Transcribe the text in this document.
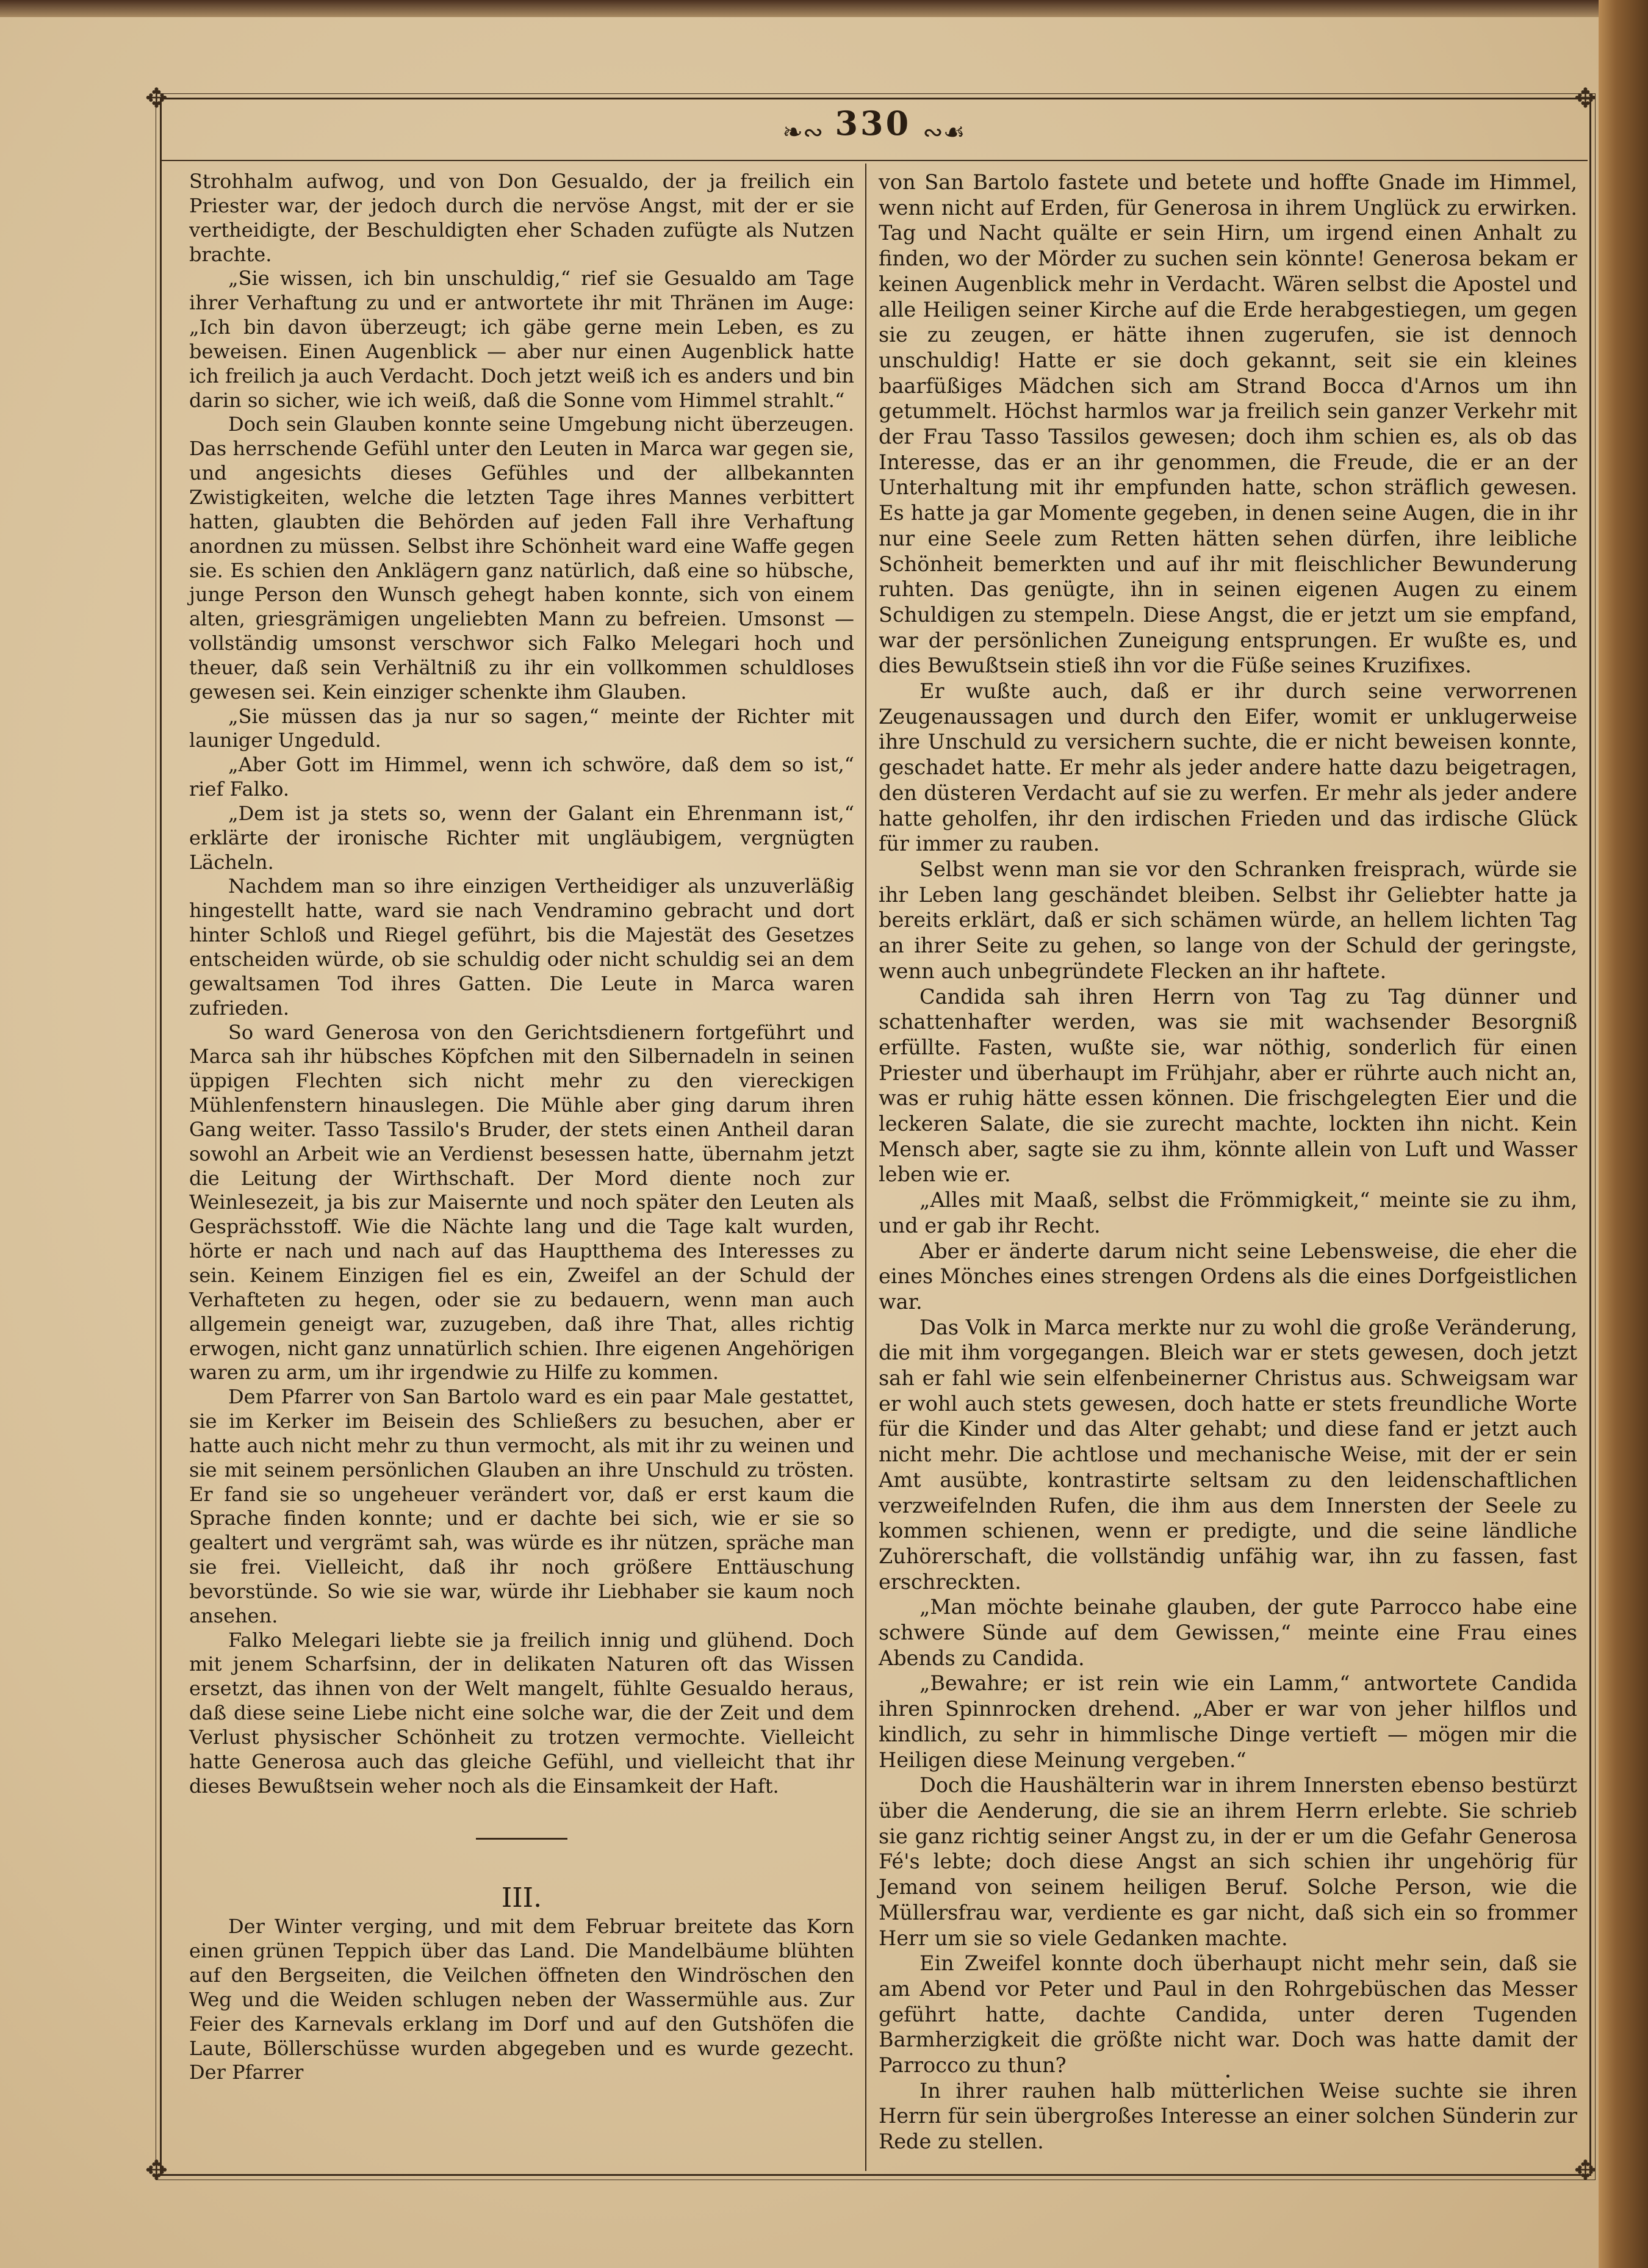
✥	✥
✥	✥
❧∾ 330 ∾☙

Strohhalm aufwog, und von Don Gesualdo, der ja freilich ein Priester war, der jedoch durch die nervöse Angst, mit der er sie vertheidigte, der Beschuldigten eher Schaden zufügte als Nutzen brachte.

„Sie wissen, ich bin unschuldig,“ rief sie Gesualdo am Tage ihrer Verhaftung zu und er antwortete ihr mit Thränen im Auge: „Ich bin davon überzeugt; ich gäbe gerne mein Leben, es zu beweisen. Einen Augenblick — aber nur einen Augenblick hatte ich freilich ja auch Verdacht. Doch jetzt weiß ich es anders und bin darin so sicher, wie ich weiß, daß die Sonne vom Himmel strahlt.“

Doch sein Glauben konnte seine Umgebung nicht überzeugen. Das herrschende Gefühl unter den Leuten in Marca war gegen sie, und angesichts dieses Gefühles und der allbekannten Zwistigkeiten, welche die letzten Tage ihres Mannes verbittert hatten, glaubten die Behörden auf jeden Fall ihre Verhaftung anordnen zu müssen. Selbst ihre Schönheit ward eine Waffe gegen sie. Es schien den Anklägern ganz natürlich, daß eine so hübsche, junge Person den Wunsch gehegt haben konnte, sich von einem alten, griesgrämigen ungeliebten Mann zu befreien. Umsonst — vollständig umsonst verschwor sich Falko Melegari hoch und theuer, daß sein Verhältniß zu ihr ein vollkommen schuldloses gewesen sei. Kein einziger schenkte ihm Glauben.

„Sie müssen das ja nur so sagen,“ meinte der Richter mit launiger Ungeduld.

„Aber Gott im Himmel, wenn ich schwöre, daß dem so ist,“ rief Falko.

„Dem ist ja stets so, wenn der Galant ein Ehrenmann ist,“ erklärte der ironische Richter mit ungläubigem, vergnügten Lächeln.

Nachdem man so ihre einzigen Vertheidiger als unzuverläßig hingestellt hatte, ward sie nach Vendramino gebracht und dort hinter Schloß und Riegel geführt, bis die Majestät des Gesetzes entscheiden würde, ob sie schuldig oder nicht schuldig sei an dem gewaltsamen Tod ihres Gatten. Die Leute in Marca waren zufrieden.

So ward Generosa von den Gerichtsdienern fortgeführt und Marca sah ihr hübsches Köpfchen mit den Silbernadeln in seinen üppigen Flechten sich nicht mehr zu den viereckigen Mühlenfenstern hinauslegen. Die Mühle aber ging darum ihren Gang weiter. Tasso Tassilo's Bruder, der stets einen Antheil daran sowohl an Arbeit wie an Verdienst besessen hatte, übernahm jetzt die Leitung der Wirthschaft. Der Mord diente noch zur Weinlesezeit, ja bis zur Maisernte und noch später den Leuten als Gesprächsstoff. Wie die Nächte lang und die Tage kalt wurden, hörte er nach und nach auf das Hauptthema des Interesses zu sein. Keinem Einzigen fiel es ein, Zweifel an der Schuld der Verhafteten zu hegen, oder sie zu bedauern, wenn man auch allgemein geneigt war, zuzugeben, daß ihre That, alles richtig erwogen, nicht ganz unnatürlich schien. Ihre eigenen Angehörigen waren zu arm, um ihr irgendwie zu Hilfe zu kommen.

Dem Pfarrer von San Bartolo ward es ein paar Male gestattet, sie im Kerker im Beisein des Schließers zu besuchen, aber er hatte auch nicht mehr zu thun vermocht, als mit ihr zu weinen und sie mit seinem persönlichen Glauben an ihre Unschuld zu trösten. Er fand sie so ungeheuer verändert vor, daß er erst kaum die Sprache finden konnte; und er dachte bei sich, wie er sie so gealtert und vergrämt sah, was würde es ihr nützen, spräche man sie frei. Vielleicht, daß ihr noch größere Enttäuschung bevorstünde. So wie sie war, würde ihr Liebhaber sie kaum noch ansehen.

Falko Melegari liebte sie ja freilich innig und glühend. Doch mit jenem Scharfsinn, der in delikaten Naturen oft das Wissen ersetzt, das ihnen von der Welt mangelt, fühlte Gesualdo heraus, daß diese seine Liebe nicht eine solche war, die der Zeit und dem Verlust physischer Schönheit zu trotzen vermochte. Vielleicht hatte Generosa auch das gleiche Gefühl, und vielleicht that ihr dieses Bewußtsein weher noch als die Einsamkeit der Haft.

III.

Der Winter verging, und mit dem Februar breitete das Korn einen grünen Teppich über das Land. Die Mandelbäume blühten auf den Bergseiten, die Veilchen öffneten den Windröschen den Weg und die Weiden schlugen neben der Wassermühle aus. Zur Feier des Karnevals erklang im Dorf und auf den Gutshöfen die Laute, Böllerschüsse wurden abgegeben und es wurde gezecht. Der Pfarrer

von San Bartolo fastete und betete und hoffte Gnade im Himmel, wenn nicht auf Erden, für Generosa in ihrem Unglück zu erwirken. Tag und Nacht quälte er sein Hirn, um irgend einen Anhalt zu finden, wo der Mörder zu suchen sein könnte! Generosa bekam er keinen Augenblick mehr in Verdacht. Wären selbst die Apostel und alle Heiligen seiner Kirche auf die Erde herabgestiegen, um gegen sie zu zeugen, er hätte ihnen zugerufen, sie ist dennoch unschuldig! Hatte er sie doch gekannt, seit sie ein kleines baarfüßiges Mädchen sich am Strand Bocca d'Arnos um ihn getummelt. Höchst harmlos war ja freilich sein ganzer Verkehr mit der Frau Tasso Tassilos gewesen; doch ihm schien es, als ob das Interesse, das er an ihr genommen, die Freude, die er an der Unterhaltung mit ihr empfunden hatte, schon sträflich gewesen. Es hatte ja gar Momente gegeben, in denen seine Augen, die in ihr nur eine Seele zum Retten hätten sehen dürfen, ihre leibliche Schönheit bemerkten und auf ihr mit fleischlicher Bewunderung ruhten. Das genügte, ihn in seinen eigenen Augen zu einem Schuldigen zu stempeln. Diese Angst, die er jetzt um sie empfand, war der persönlichen Zuneigung entsprungen. Er wußte es, und dies Bewußtsein stieß ihn vor die Füße seines Kruzifixes.

Er wußte auch, daß er ihr durch seine verworrenen Zeugenaussagen und durch den Eifer, womit er unklugerweise ihre Unschuld zu versichern suchte, die er nicht beweisen konnte, geschadet hatte. Er mehr als jeder andere hatte dazu beigetragen, den düsteren Verdacht auf sie zu werfen. Er mehr als jeder andere hatte geholfen, ihr den irdischen Frieden und das irdische Glück für immer zu rauben.

Selbst wenn man sie vor den Schranken freisprach, würde sie ihr Leben lang geschändet bleiben. Selbst ihr Geliebter hatte ja bereits erklärt, daß er sich schämen würde, an hellem lichten Tag an ihrer Seite zu gehen, so lange von der Schuld der geringste, wenn auch unbegründete Flecken an ihr haftete.

Candida sah ihren Herrn von Tag zu Tag dünner und schattenhafter werden, was sie mit wachsender Besorgniß erfüllte. Fasten, wußte sie, war nöthig, sonderlich für einen Priester und überhaupt im Frühjahr, aber er rührte auch nicht an, was er ruhig hätte essen können. Die frischgelegten Eier und die leckeren Salate, die sie zurecht machte, lockten ihn nicht. Kein Mensch aber, sagte sie zu ihm, könnte allein von Luft und Wasser leben wie er.

„Alles mit Maaß, selbst die Frömmigkeit,“ meinte sie zu ihm, und er gab ihr Recht.

Aber er änderte darum nicht seine Lebensweise, die eher die eines Mönches eines strengen Ordens als die eines Dorfgeistlichen war.

Das Volk in Marca merkte nur zu wohl die große Veränderung, die mit ihm vorgegangen. Bleich war er stets gewesen, doch jetzt sah er fahl wie sein elfenbeinerner Christus aus. Schweigsam war er wohl auch stets gewesen, doch hatte er stets freundliche Worte für die Kinder und das Alter gehabt; und diese fand er jetzt auch nicht mehr. Die achtlose und mechanische Weise, mit der er sein Amt ausübte, kontrastirte seltsam zu den leidenschaftlichen verzweifelnden Rufen, die ihm aus dem Innersten der Seele zu kommen schienen, wenn er predigte, und die seine ländliche Zuhörerschaft, die vollständig unfähig war, ihn zu fassen, fast erschreckten.

„Man möchte beinahe glauben, der gute Parrocco habe eine schwere Sünde auf dem Gewissen,“ meinte eine Frau eines Abends zu Candida.

„Bewahre; er ist rein wie ein Lamm,“ antwortete Candida ihren Spinnrocken drehend. „Aber er war von jeher hilflos und kindlich, zu sehr in himmlische Dinge vertieft — mögen mir die Heiligen diese Meinung vergeben.“

Doch die Haushälterin war in ihrem Innersten ebenso bestürzt über die Aenderung, die sie an ihrem Herrn erlebte. Sie schrieb sie ganz richtig seiner Angst zu, in der er um die Gefahr Generosa Fé's lebte; doch diese Angst an sich schien ihr ungehörig für Jemand von seinem heiligen Beruf. Solche Person, wie die Müllersfrau war, verdiente es gar nicht, daß sich ein so frommer Herr um sie so viele Gedanken machte.

Ein Zweifel konnte doch überhaupt nicht mehr sein, daß sie am Abend vor Peter und Paul in den Rohrgebüschen das Messer geführt hatte, dachte Candida, unter deren Tugenden Barmherzigkeit die größte nicht war. Doch was hatte damit der Parrocco zu thun?

In ihrer rauhen halb mütterlichen Weise suchte sie ihren Herrn für sein übergroßes Interesse an einer solchen Sünderin zur Rede zu stellen.
